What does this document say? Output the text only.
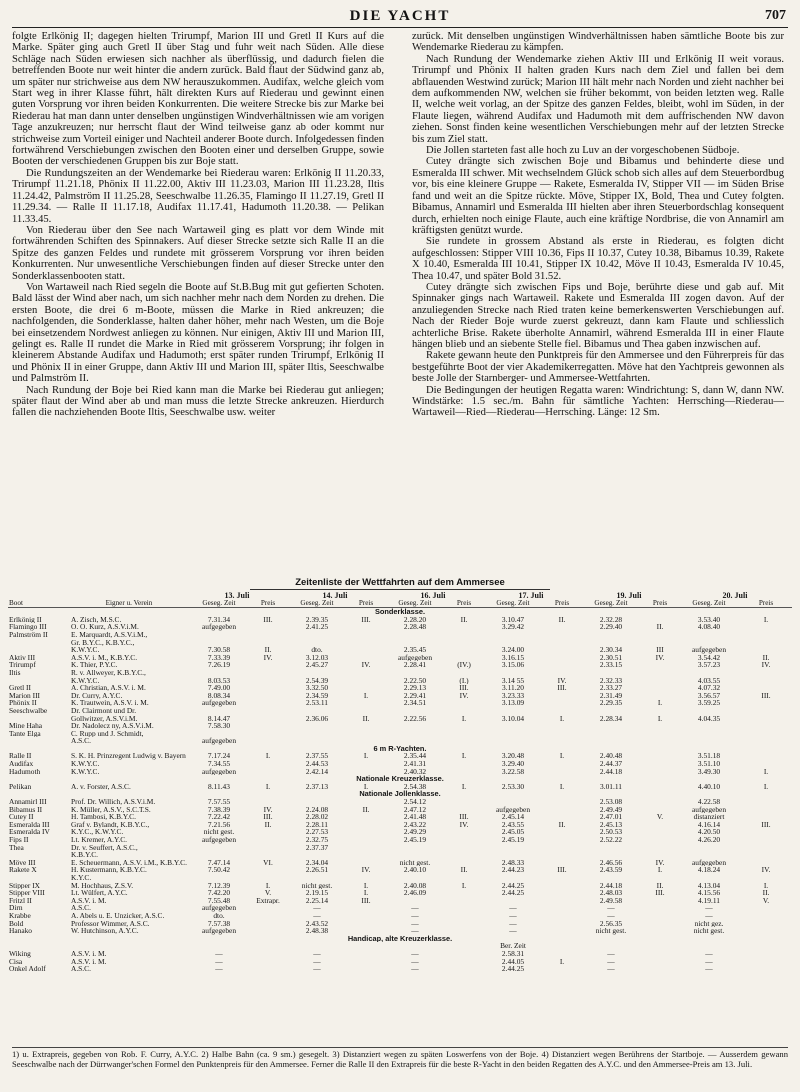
DIE YACHT	707

folgte Erlkönig II; dagegen hielten Trirumpf, Marion III und Gretl II Kurs auf die Marke. Später ging auch Gretl II über Stag und fuhr weit nach Süden. Alle diese Schläge nach Süden erwiesen sich nachher als überflüssig, und dadurch fielen die betreffenden Boote nur weit hinter die andern zurück. Bald flaut der Südwind ganz ab, um später nur strichweise aus dem NW herauszukommen. Audifax, welche gleich vom Start weg in ihrer Klasse führt, hält direkten Kurs auf Riederau und gewinnt einen guten Vorsprung vor ihren beiden Konkurrenten. Die weitere Strecke bis zur Marke bei Riederau hat man dann unter denselben ungünstigen Windverhältnissen wie am vorigen Tage anzukreuzen; nur herrscht flaut der Wind teilweise ganz ab oder kommt nur strichweise zum Vorteil einiger und Nachteil anderer Boote durch. Infolgedessen finden fortwährend Verschiebungen zwischen den Booten einer und derselben Gruppe, sowie Booten der verschiedenen Gruppen bis zur Boje statt.

Die Rundungszeiten an der Wendemarke bei Riederau waren: Erlkönig II 11.20.33, Trirumpf 11.21.18, Phönix II 11.22.00, Aktiv III 11.23.03, Marion III 11.23.28, Iltis 11.24.42, Palmström II 11.25.28, Seeschwalbe 11.26.35, Flamingo II 11.27.19, Gretl II 11.29.34. — Ralle II 11.17.18, Audifax 11.17.41, Hadumoth 11.20.38. — Pelikan 11.33.45.

Von Riederau über den See nach Wartaweil ging es platt vor dem Winde mit fortwährenden Schiften des Spinnakers. Auf dieser Strecke setzte sich Ralle II an die Spitze des ganzen Feldes und rundete mit grösserem Vorsprung vor ihren beiden Konkurrenten. Nur unwesentliche Verschiebungen finden auf dieser Strecke unter den Sonderklassenbooten statt.

Von Wartaweil nach Ried segeln die Boote auf St.B.Bug mit gut gefierten Schoten. Bald lässt der Wind aber nach, um sich nachher mehr nach dem Norden zu drehen. Die ersten Boote, die drei 6 m-Boote, müssen die Marke in Ried ankreuzen; die nachfolgenden, die Sonderklasse, halten daher höher, mehr nach Westen, um die Boje bei einsetzendem Nordwest anliegen zu können. Nur einigen, Aktiv III und Marion III, gelingt es. Ralle II rundet die Marke in Ried mit grösserem Vorsprung; ihr folgen in kleinerem Abstande Audifax und Hadumoth; erst später runden Trirumpf, Erlkönig II und Phönix II in einer Gruppe, dann Aktiv III und Marion III, später Iltis, Seeschwalbe und Palmström II.

Nach Rundung der Boje bei Ried kann man die Marke bei Riederau gut anliegen; später flaut der Wind aber ab und man muss die letzte Strecke ankreuzen. Hierdurch fallen die nachziehenden Boote Iltis, Seeschwalbe usw. weiter

zurück. Mit denselben ungünstigen Windverhältnissen haben sämtliche Boote bis zur Wendemarke Riederau zu kämpfen.

Nach Rundung der Wendemarke ziehen Aktiv III und Erlkönig II weit voraus. Trirumpf und Phönix II halten graden Kurs nach dem Ziel und fallen bei dem abflauenden Westwind zurück; Marion III hält mehr nach Norden und zieht nachher bei dem aufkommenden NW, welchen sie früher bekommt, von beiden letzten weg. Ralle II, welche weit vorlag, an der Spitze des ganzen Feldes, bleibt, wohl im Süden, in der Flaute liegen, während Audifax und Hadumoth mit dem auffrischenden NW davon ziehen. Sonst finden keine wesentlichen Verschiebungen mehr auf der letzten Strecke bis zum Ziel statt.

Die Jollen starteten fast alle hoch zu Luv an der vorgeschobenen Südboje.

Cutey drängte sich zwischen Boje und Bibamus und behinderte diese und Esmeralda III schwer. Mit wechselndem Glück schob sich alles auf dem Steuerbordbug vor, bis eine kleinere Gruppe — Rakete, Esmeralda IV, Stipper VII — im Süden Brise fand und weit an die Spitze rückte. Möve, Stipper IX, Bold, Thea und Cutey folgten. Bibamus, Annamirl und Esmeralda III hielten aber ihren Steuerbordschlag konsequent durch, erhielten noch einige Flaute, auch eine kräftige Nordbrise, die von Annamirl am kräftigsten genützt wurde.

Sie rundete in grossem Abstand als erste in Riederau, es folgten dicht aufgeschlossen: Stipper VIII 10.36, Fips II 10.37, Cutey 10.38, Bibamus 10.39, Rakete X 10.40, Esmeralda III 10.41, Stipper IX 10.42, Möve II 10.43, Esmeralda IV 10.45, Thea 10.47, und später Bold 31.52.

Cutey drängte sich zwischen Fips und Boje, berührte diese und gab auf. Mit Spinnaker gings nach Wartaweil. Rakete und Esmeralda III zogen davon. Auf der anzuliegenden Strecke nach Ried traten keine bemerkenswerten Verschiebungen auf. Nach der Rieder Boje wurde zuerst gekreuzt, dann kam Flaute und schliesslich achterliche Brise. Rakete überholte Annamirl, während Esmeralda III in einer Flaute hängen blieb und an siebente Stelle fiel. Bibamus und Thea gaben inzwischen auf.

Rakete gewann heute den Punktpreis für den Ammersee und den Führerpreis für das bestgeführte Boot der vier Akademikerregatten. Möve hat den Yachtpreis gewonnen als beste Jolle der Starnberger- und Ammersee-Wettfahrten.

Die Bedingungen der heutigen Regatta waren: Windrichtung: S, dann W, dann NW. Windstärke: 1.5 sec./m. Bahn für sämtliche Yachten: Herrsching—Riederau—Wartaweil—Ried—Riederau—Herrsching. Länge: 12 Sm.

Zeitenliste der Wettfahrten auf dem Ammersee
		13. Juli		14. Juli		16. Juli		17. Juli		19. Juli		20. Juli	
Boot	Eigner u. Verein	Geseg. Zeit	Preis	Geseg. Zeit	Preis	Geseg. Zeit	Preis	Geseg. Zeit	Preis	Geseg. Zeit	Preis	Geseg. Zeit	Preis
Sonderklasse.													
Erlkönig II	A. Zisch, M.S.C.	7.31.34	III.	2.39.35	III.	2.28.20	II.	3.10.47	II.	2.32.28		3.53.40	I.
Flamingo III	O. O. Kurz, A.S.V.i.M.	aufgegeben		2.41.25		2.28.48		3.29.42		2.29.40	II.	4.08.40	
Palmström II	E. Marquardt, A.S.V.i.M.,												
	Gr. B.Y.C., K.B.Y.C.,												
	K.W.Y.C.	7.30.58	II.	dto.		2.35.45		3.24.00		2.30.34	III	aufgegeben	
Aktiv III	A.S.V. i. M., K.B.Y.C.	7.33.39	IV.	3.12.03		aufgegeben		3.16.15		2.30.51	IV.	3.54.42	II.
Trirumpf	K. Thier, P.Y.C.	7.26.19		2.45.27	IV.	2.28.41	(IV.)	3.15.06		2.33.15		3.57.23	IV.
Iltis	R. v. Allweyer, K.B.Y.C.,												
	K.W.Y.C.	8.03.53		2.54.39		2.22.50	(I.)	3.14 55	IV.	2.32.33		4.03.55	
Gretl II	A. Christian, A.S.V. i. M.	7.49.00		3.32.50		2.29.13	III.	3.11.20	III.	2.33.27		4.07.32	
Marion III	Dr. Curry, A.Y.C.	8.08.34		2.34.59	I.	2.29.41	IV.	3.23.33		2.31.49		3.56.57	III.
Phönix II	K. Trautwein, A.S.V. i. M.	aufgegeben		2.53.11		2.34.51		3.13.09		2.29.35	I.	3.59.25	
Seeschwalbe	Dr. Clairmont und Dr.												
	Gollwitzer, A.S.V.i.M.	8.14.47		2.36.06	II.	2.22.56	I.	3.10.04	I.	2.28.34	I.	4.04.35	
Mine Haha	Dr. Nadolecz ny, A.S.V.i.M.	7.58.30											
Tante Elga	C. Rupp und J. Schmidt,												
	A.S.C.	aufgegeben											
6 m R-Yachten.													
Ralle II	S. K. H. Prinzregent Ludwig v. Bayern	7.17.24	I.	2.37.55	I.	2.35.44	I.	3.20.48	I.	2.40.48		3.51.18	
Audifax	K.W.Y.C.	7.34.55		2.44.53		2.41.31		3.29.40		2.44.37		3.51.10	
Hadumoth	K.W.Y.C.	aufgegeben		2.42.14		2.40.32		3.22.58		2.44.18		3.49.30	I.
Nationale Kreuzerklasse.													
Pelikan	A. v. Forster, A.S.C.	8.11.43	I.	2.37.13	I.	2.54.38	I.	2.53.30	I.	3.01.11		4.40.10	I.
Nationale Jollenklasse.													
Annamirl III	Prof. Dr. Willich, A.S.V.i.M.	7.57.55				2.54.12				2.53.08		4.22.58	
Bibamus II	K. Müller, A.S.V., S.C.T.S.	7.38.39	IV.	2.24.08	II.	2.47.12		aufgegeben		2.49.49		aufgegeben	
Cutey II	H. Tambosi, K.B.Y.C.	7.22.42	III.	2.28.02		2.41.48	III.	2.45.14		2.47.01	V.	distanziert	
Esmeralda III	Graf v. Bylandt, K.B.Y.C.,	7.21.56	II.	2.28.11		2.43.22	IV.	2.43.55	II.	2.45.13		4.16.14	III.
Esmeralda IV	K.Y.C., K.W.Y.C.	nicht gest.		2.27.53		2.49.29		2.45.05		2.50.53		4.20.50	
Fips II	Lt. Kremer, A.Y.C.	aufgegeben		2.32.75		2.45.19		2.45.19		2.52.22		4.26.20	
Thea	Dr. v. Seuffert, A.S.C.,			2.37.37									
	K.B.Y.C.												
Möve III	E. Scheuermann, A.S.V. i.M., K.B.Y.C.	7.47.14	VI.	2.34.04		nicht gest.		2.48.33		2.46.56	IV.	aufgegeben	
Rakete X	H. Kustermann, K.B.Y.C.	7.50.42		2.26.51	IV.	2.40.10	II.	2.44.23	III.	2.43.59	I.	4.18.24	IV.
	K.Y.C.												
Stipper IX	M. Hochhaus, Z.S.V.	7.12.39	I.	nicht gest.	I.	2.40.08	I.	2.44.25		2.44.18	II.	4.13.04	I.
Stipper VIII	Lt. Wülfert, A.Y.C.	7.42.20	V.	2.19.15	I.	2.46.09		2.44.25		2.48.03	III.	4.15.56	II.
Fritzl II	A.S.V. i. M.	7.55.48	Extrapr.	2.25.14	III.					2.49.58		4.19.11	V.
Dirn	A.S.C.	aufgegeben		—		—		—		—		—	
Krabbe	A. Abels u. E. Unzicker, A.S.C.	dto.		—		—		—		—		—	
Bold	Professor Wimmer, A.S.C.	7.57.38		2.43.52		—		—		2.56.35		nicht gez.	
Hanako	W. Hutchinson, A.Y.C.	aufgegeben		2.48.38		—		—		nicht gest.		nicht gest.	
Handicap, alte Kreuzerklasse.													
								Ber. Zeit					
Wiking	A.S.V. i. M.	—		—		—		2.58.31		—		—	
Cisa	A.S.V. i. M.	—		—		—		2.44.05	I.	—		—	
Onkel Adolf	A.S.C.	—		—		—		2.44.25		—		—	
1) u. Extrapreis, gegeben von Rob. F. Curry, A.Y.C. 2) Halbe Bahn (ca. 9 sm.) gesegelt. 3) Distanziert wegen zu späten Loswerfens von der Boje. 4) Distanziert wegen Berührens der Startboje. — Ausserdem gewann Seeschwalbe nach der Dürrwanger'schen Formel den Punktenpreis für den Ammersee. Ferner die Ralle II den Extrapreis für die beste R-Yacht in den beiden Regatten des A.Y.C. und den Ammersee-Preis am 13. Juli.
